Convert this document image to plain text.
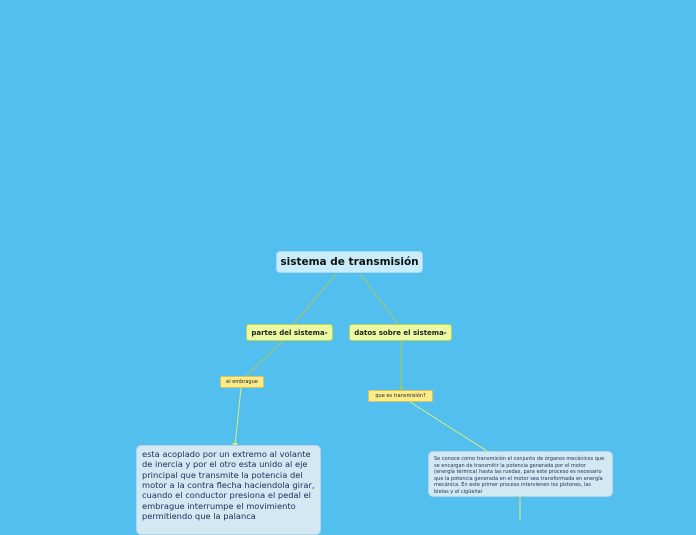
sistema de transmisión
partes del sistema-	datos sobre el sistema-
el embrague
que es transmisión?
esta acoplado por un extremo al volante de inercia y por el otro esta unido al eje principal que transmite la potencia del motor a la contra flecha haciendola girar, cuando el conductor presiona el pedal el embrague interrumpe el movimiento permitiendo que la palanca
Se conoce como transmisión el conjunto de órganos mecánicos que se encargan de transmitir la potencia generada por el motor (energía térmica) hasta las ruedas, para este proceso es necesario que la potencia generada en el motor sea transformada en energía mecánica. En este primer proceso intervienen los pistones, las bielas y el cigüeñal
